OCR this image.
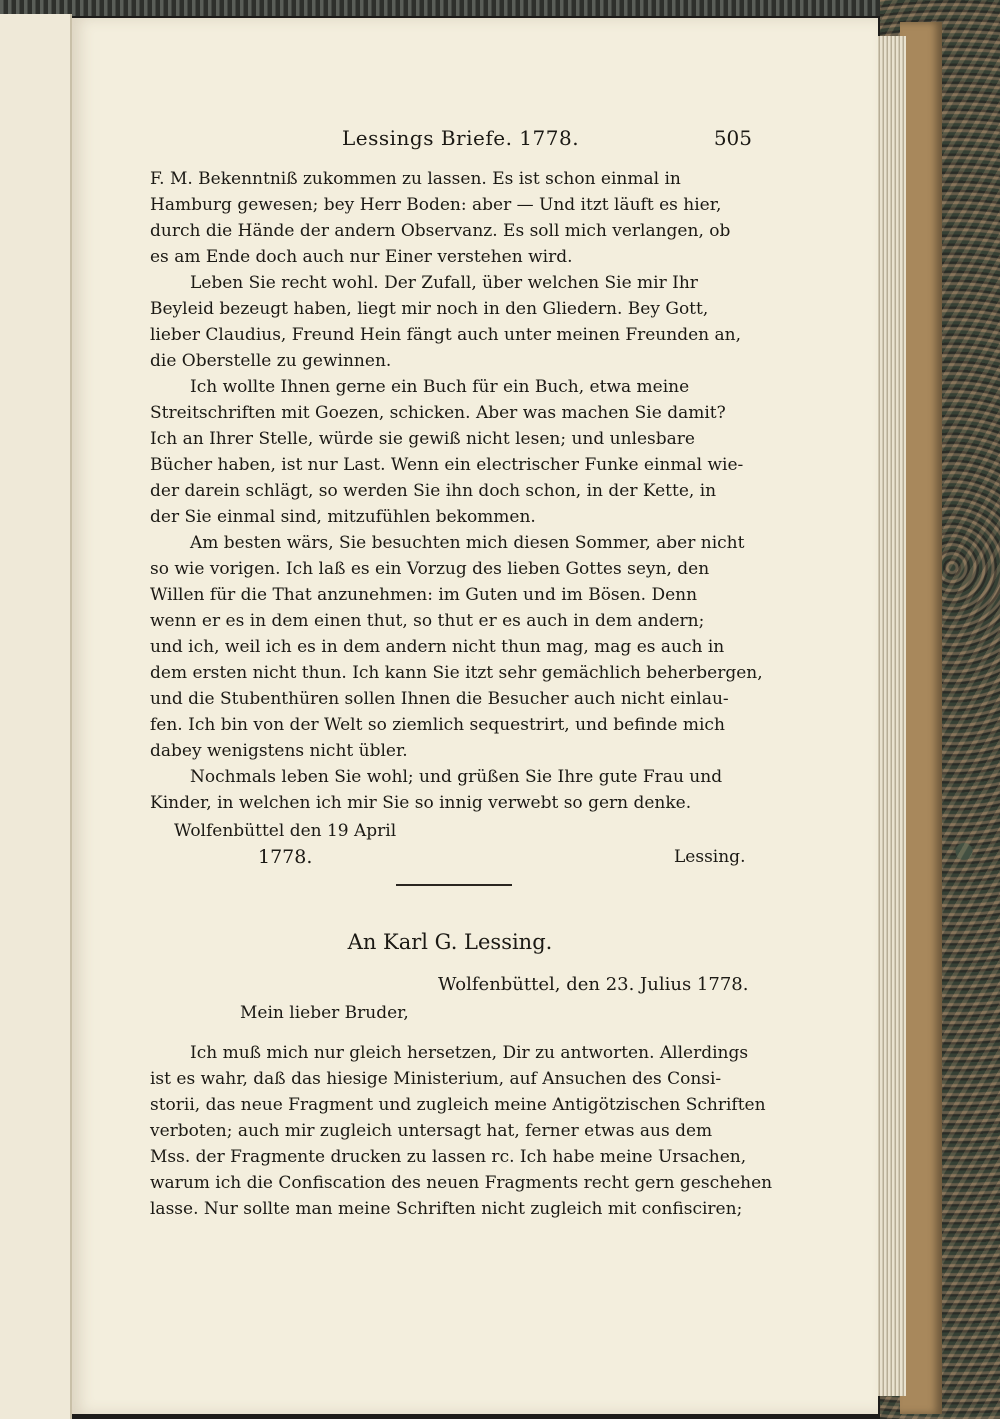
Lessings Briefe. 1778.	505
F. M. Bekenntniß zukommen zu lassen. Es ist schon einmal in
Hamburg gewesen; bey Herr Boden: aber — Und itzt läuft es hier,
durch die Hände der andern Observanz. Es soll mich verlangen, ob
es am Ende doch auch nur Einer verstehen wird.
Leben Sie recht wohl. Der Zufall, über welchen Sie mir Ihr
Beyleid bezeugt haben, liegt mir noch in den Gliedern. Bey Gott,
lieber Claudius, Freund Hein fängt auch unter meinen Freunden an,
die Oberstelle zu gewinnen.
Ich wollte Ihnen gerne ein Buch für ein Buch, etwa meine
Streitschriften mit Goezen, schicken. Aber was machen Sie damit?
Ich an Ihrer Stelle, würde sie gewiß nicht lesen; und unlesbare
Bücher haben, ist nur Last. Wenn ein electrischer Funke einmal wie-
der darein schlägt, so werden Sie ihn doch schon, in der Kette, in
der Sie einmal sind, mitzufühlen bekommen.
Am besten wärs, Sie besuchten mich diesen Sommer, aber nicht
so wie vorigen. Ich laß es ein Vorzug des lieben Gottes seyn, den
Willen für die That anzunehmen: im Guten und im Bösen. Denn
wenn er es in dem einen thut, so thut er es auch in dem andern;
und ich, weil ich es in dem andern nicht thun mag, mag es auch in
dem ersten nicht thun. Ich kann Sie itzt sehr gemächlich beherbergen,
und die Stubenthüren sollen Ihnen die Besucher auch nicht einlau-
fen. Ich bin von der Welt so ziemlich sequestrirt, und befinde mich
dabey wenigstens nicht übler.
Nochmals leben Sie wohl; und grüßen Sie Ihre gute Frau und
Kinder, in welchen ich mir Sie so innig verwebt so gern denke.
Wolfenbüttel den 19 April
1778.	Lessing.
An Karl G. Lessing.
Wolfenbüttel, den 23. Julius 1778.
Mein lieber Bruder,
Ich muß mich nur gleich hersetzen, Dir zu antworten. Allerdings
ist es wahr, daß das hiesige Ministerium, auf Ansuchen des Consi-
storii, das neue Fragment und zugleich meine Antigötzischen Schriften
verboten; auch mir zugleich untersagt hat, ferner etwas aus dem
Mss. der Fragmente drucken zu lassen rc. Ich habe meine Ursachen,
warum ich die Confiscation des neuen Fragments recht gern geschehen
lasse. Nur sollte man meine Schriften nicht zugleich mit confisciren;
